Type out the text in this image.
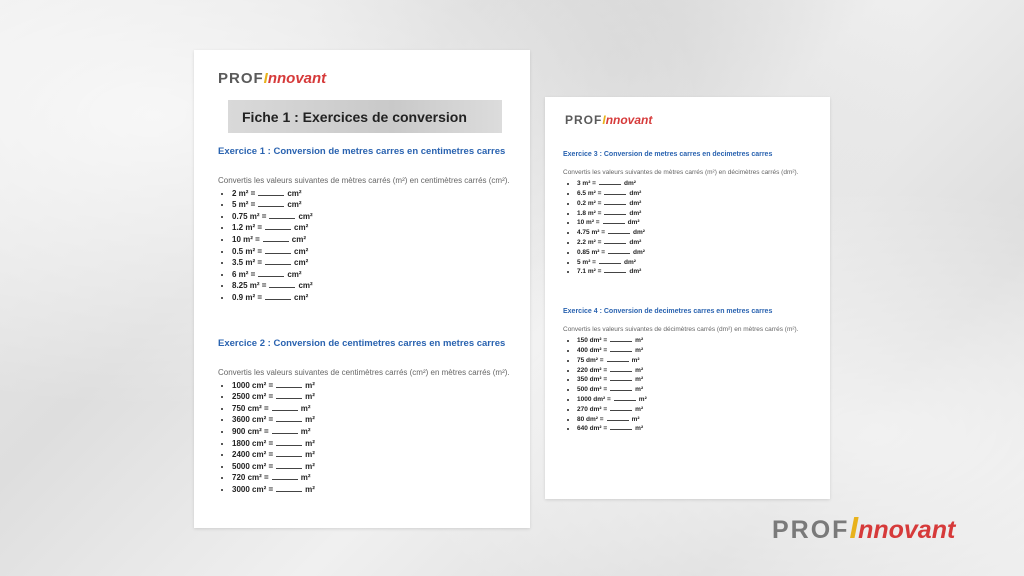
PROFInnovant
Fiche 1 : Exercices de conversion
Exercice 1 : Conversion de metres carres en centimetres carres

Convertis les valeurs suivantes de mètres carrés (m²) en centimètres carrés (cm²).

• 2 m² =	cm²
• 5 m² =	cm²
• 0.75 m² =	cm²
• 1.2 m² =	cm²
• 10 m² =	cm²
• 0.5 m² =	cm²
• 3.5 m² =	cm²
• 6 m² =	cm²
• 8.25 m² =	cm²
• 0.9 m² =	cm²
Exercice 2 : Conversion de centimetres carres en metres carres

Convertis les valeurs suivantes de centimètres carrés (cm²) en mètres carrés (m²).

• 1000 cm² =	m²
• 2500 cm² =	m²
• 750 cm² =	m²
• 3600 cm² =	m²
• 900 cm² =	m²
• 1800 cm² =	m²
• 2400 cm² =	m²
• 5000 cm² =	m²
• 720 cm² =	m²
• 3000 cm² =	m²
PROFInnovant
Exercice 3 : Conversion de metres carres en decimetres carres

Convertis les valeurs suivantes de mètres carrés (m²) en décimètres carrés (dm²).

• 3 m² =	dm²
• 6.5 m² =	dm²
• 0.2 m² =	dm²
• 1.8 m² =	dm²
• 10 m² =	dm²
• 4.75 m² =	dm²
• 2.2 m² =	dm²
• 0.85 m² =	dm²
• 5 m² =	dm²
• 7.1 m² =	dm²
Exercice 4 : Conversion de decimetres carres en metres carres

Convertis les valeurs suivantes de décimètres carrés (dm²) en mètres carrés (m²).

• 150 dm² =	m²
• 400 dm² =	m²
• 75 dm² =	m²
• 220 dm² =	m²
• 350 dm² =	m²
• 500 dm² =	m²
• 1000 dm² =	m²
• 270 dm² =	m²
• 80 dm² =	m²
• 640 dm² =	m²
PROFInnovant
